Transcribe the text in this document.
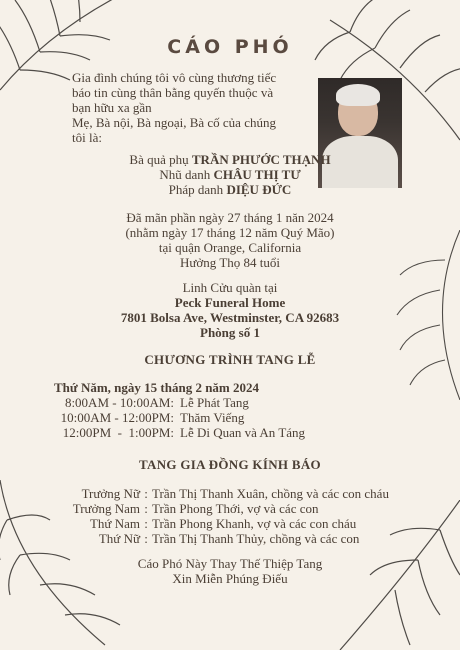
CÁO PHÓ
Gia đình chúng tôi vô cùng thương tiếc
báo tin cùng thân bằng quyến thuộc và
bạn hữu xa gần
Mẹ, Bà nội, Bà ngoại, Bà cố của chúng
tôi là:
Bà quả phụ TRẦN PHƯỚC THẠNH
Nhũ danh CHÂU THỊ TƯ
Pháp danh DIỆU ĐỨC
Đã mãn phần ngày 27 tháng 1 năn 2024
(nhằm ngày 17 tháng 12 năm Quý Mão)
tại quận Orange, California
Hưởng Thọ 84 tuổi
Linh Cửu quàn tại
Peck Funeral Home
7801 Bolsa Ave, Westminster, CA 92683
Phòng số 1
CHƯƠNG TRÌNH TANG LỄ
Thứ Năm, ngày 15 tháng 2 năm 2024
8:00AM - 10:00AM: Lễ Phát Tang
10:00AM - 12:00PM: Thăm Viếng
12:00PM  -  1:00PM: Lễ Di Quan và An Táng
TANG GIA ĐỒNG KÍNH BÁO
Trưởng Nữ : Trần Thị Thanh Xuân, chồng và các con cháu
Trưởng Nam : Trần Phong Thới, vợ và các con
Thứ Nam : Trần Phong Khanh, vợ và các con cháu
Thứ Nữ : Trần Thị Thanh Thủy, chồng và các con
Cáo Phó Này Thay Thế Thiệp Tang
Xin Miễn Phúng Điếu
